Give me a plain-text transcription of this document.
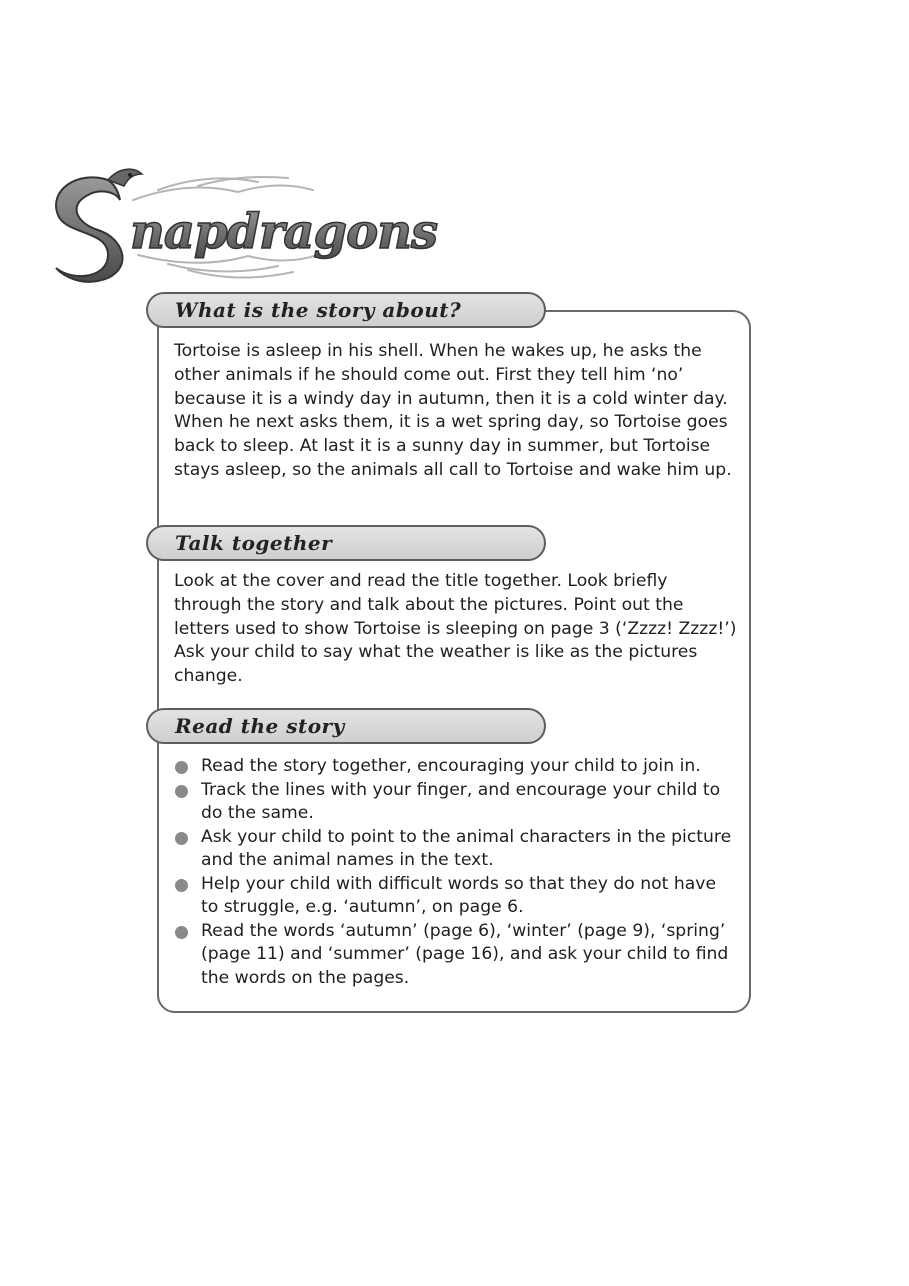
napdragons
What is the story about?

Tortoise is asleep in his shell. When he wakes up, he asks the other animals if he should come out. First they tell him ‘no’ because it is a windy day in autumn, then it is a cold winter day. When he next asks them, it is a wet spring day, so Tortoise goes back to sleep. At last it is a sunny day in summer, but Tortoise stays asleep, so the animals all call to Tortoise and wake him up.

Talk together

Look at the cover and read the title together. Look briefly through the story and talk about the pictures. Point out the letters used to show Tortoise is sleeping on page 3 (‘Zzzz! Zzzz!’) Ask your child to say what the weather is like as the pictures change.

Read the story
Read the story together, encouraging your child to join in.
Track the lines with your finger, and encourage your child to do the same.
Ask your child to point to the animal characters in the picture and the animal names in the text.
Help your child with difficult words so that they do not have to struggle, e.g. ‘autumn’, on page 6.
Read the words ‘autumn’ (page 6), ‘winter’ (page 9), ‘spring’ (page 11) and ‘summer’ (page 16), and ask your child to find the words on the pages.
